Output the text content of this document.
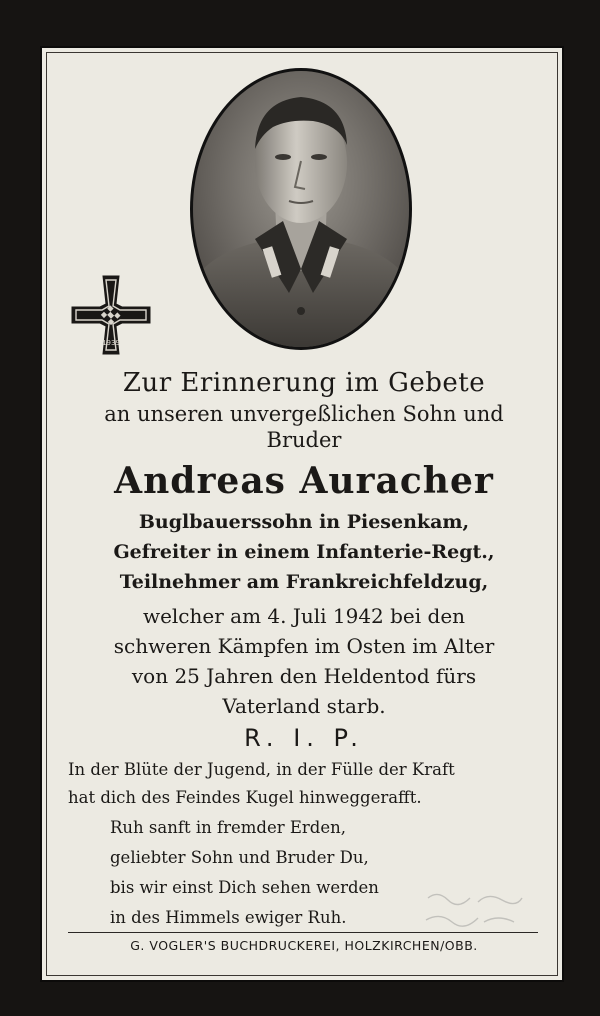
1939
Zur Erinnerung im Gebete
an unseren unvergeßlichen Sohn und
Bruder
Andreas Auracher
Buglbauerssohn in Piesenkam,
Gefreiter in einem Infanterie-Regt.,
Teilnehmer am Frankreichfeldzug,
welcher am 4. Juli 1942 bei den
schweren Kämpfen im Osten im Alter
von 25 Jahren den Heldentod fürs
Vaterland starb.
R. I. P.
In der Blüte der Jugend, in der Fülle der Kraft
hat dich des Feindes Kugel hinweggerafft.
Ruh sanft in fremder Erden,
geliebter Sohn und Bruder Du,
bis wir einst Dich sehen werden
in des Himmels ewiger Ruh.
G. VOGLER'S BUCHDRUCKEREI, HOLZKIRCHEN/OBB.
